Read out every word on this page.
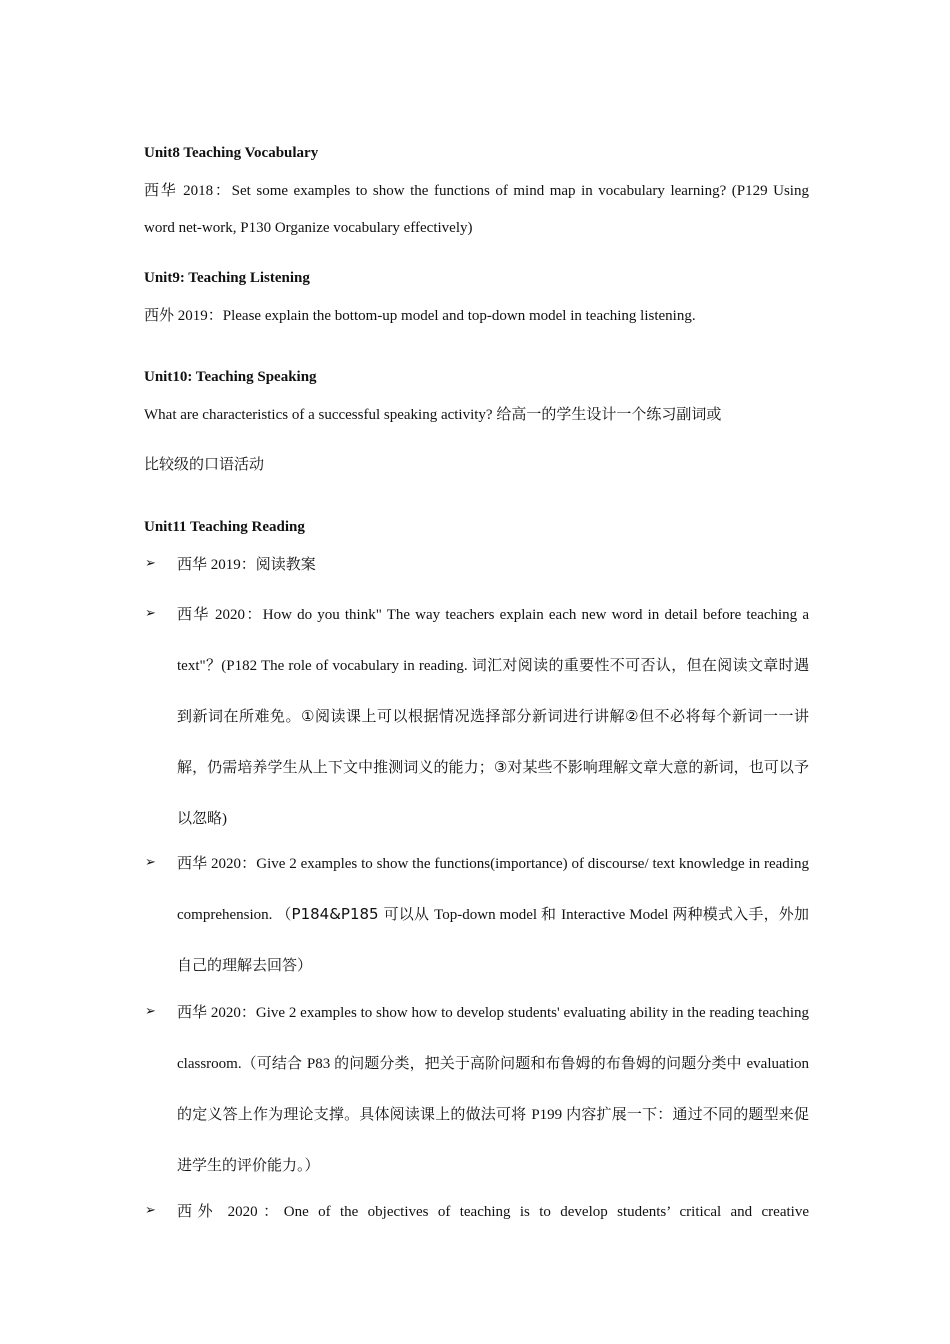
Unit8 Teaching Vocabulary
西华 2018：Set some examples to show the functions of mind map in vocabulary learning? (P129 Using word net-work, P130 Organize vocabulary effectively)
Unit9: Teaching Listening
西外 2019：Please explain the bottom-up model and top-down model in teaching listening.
Unit10: Teaching Speaking
What are characteristics of a successful speaking activity? 给高一的学生设计一个练习副词或
比较级的口语活动
Unit11 Teaching Reading
➢ 西华 2019：阅读教案
➢ 西华 2020：How do you think" The way teachers explain each new word in detail before teaching a text"？(P182 The role of vocabulary in reading. 词汇对阅读的重要性不可否认，但在阅读文章时遇到新词在所难免。①阅读课上可以根据情况选择部分新词进行讲解②但不必将每个新词一一讲解，仍需培养学生从上下文中推测词义的能力；③对某些不影响理解文章大意的新词，也可以予以忽略)
➢ 西华 2020：Give 2 examples to show the functions(importance) of discourse/ text knowledge in reading comprehension. （P184&P185 可以从 Top-down model 和 Interactive Model 两种模式入手，外加自己的理解去回答）
➢ 西华 2020：Give 2 examples to show how to develop students' evaluating ability in the reading teaching classroom.（可结合 P83 的问题分类，把关于高阶问题和布鲁姆的布鲁姆的问题分类中 evaluation 的定义答上作为理论支撑。具体阅读课上的做法可将 P199 内容扩展一下：通过不同的题型来促进学生的评价能力。）
➢ 西外 2020：One of the objectives of teaching is to develop students’ critical and creative
